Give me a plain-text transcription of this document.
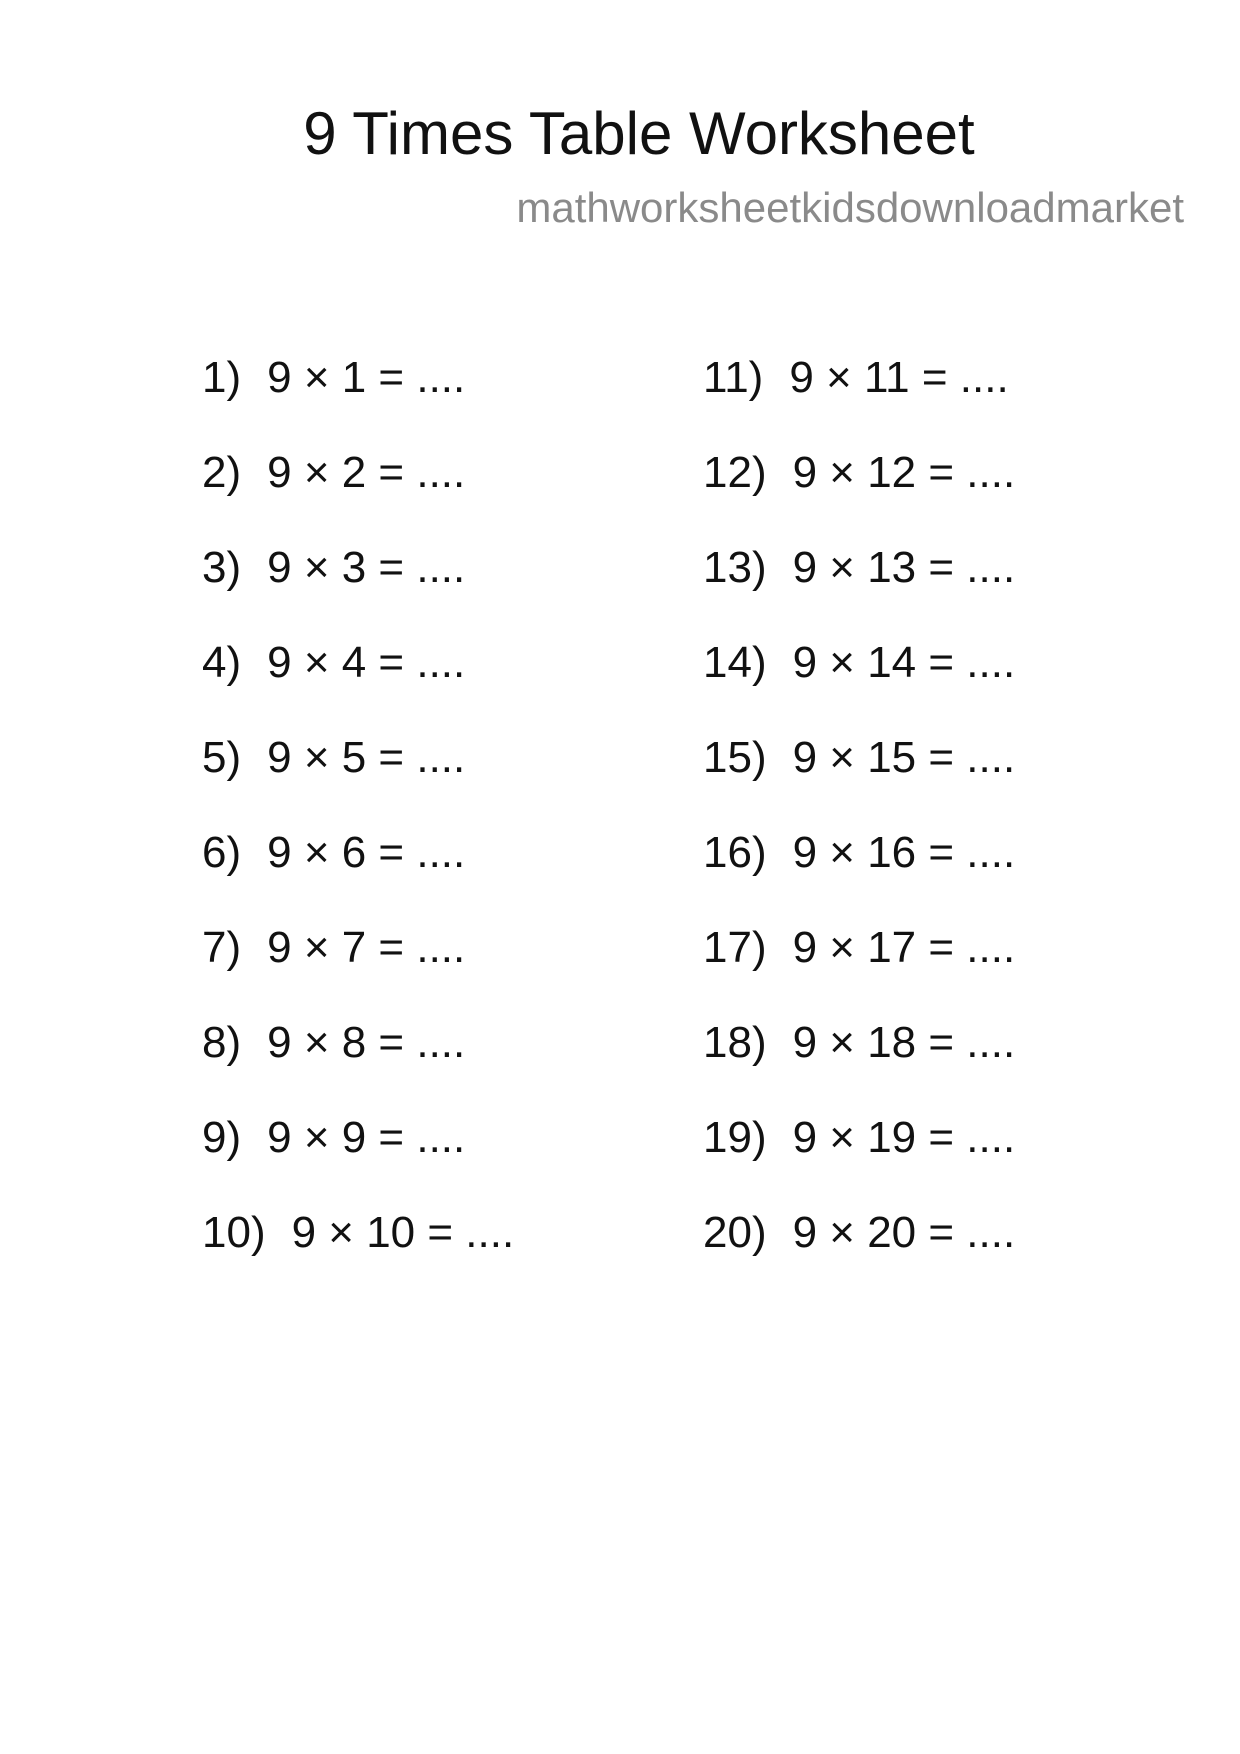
9 Times Table Worksheet
mathworksheetkidsdownloadmarket
1) 9 × 1 = ....
2) 9 × 2 = ....
3) 9 × 3 = ....
4) 9 × 4 = ....
5) 9 × 5 = ....
6) 9 × 6 = ....
7) 9 × 7 = ....
8) 9 × 8 = ....
9) 9 × 9 = ....
10) 9 × 10 = ....
11) 9 × 11 = ....
12) 9 × 12 = ....
13) 9 × 13 = ....
14) 9 × 14 = ....
15) 9 × 15 = ....
16) 9 × 16 = ....
17) 9 × 17 = ....
18) 9 × 18 = ....
19) 9 × 19 = ....
20) 9 × 20 = ....
